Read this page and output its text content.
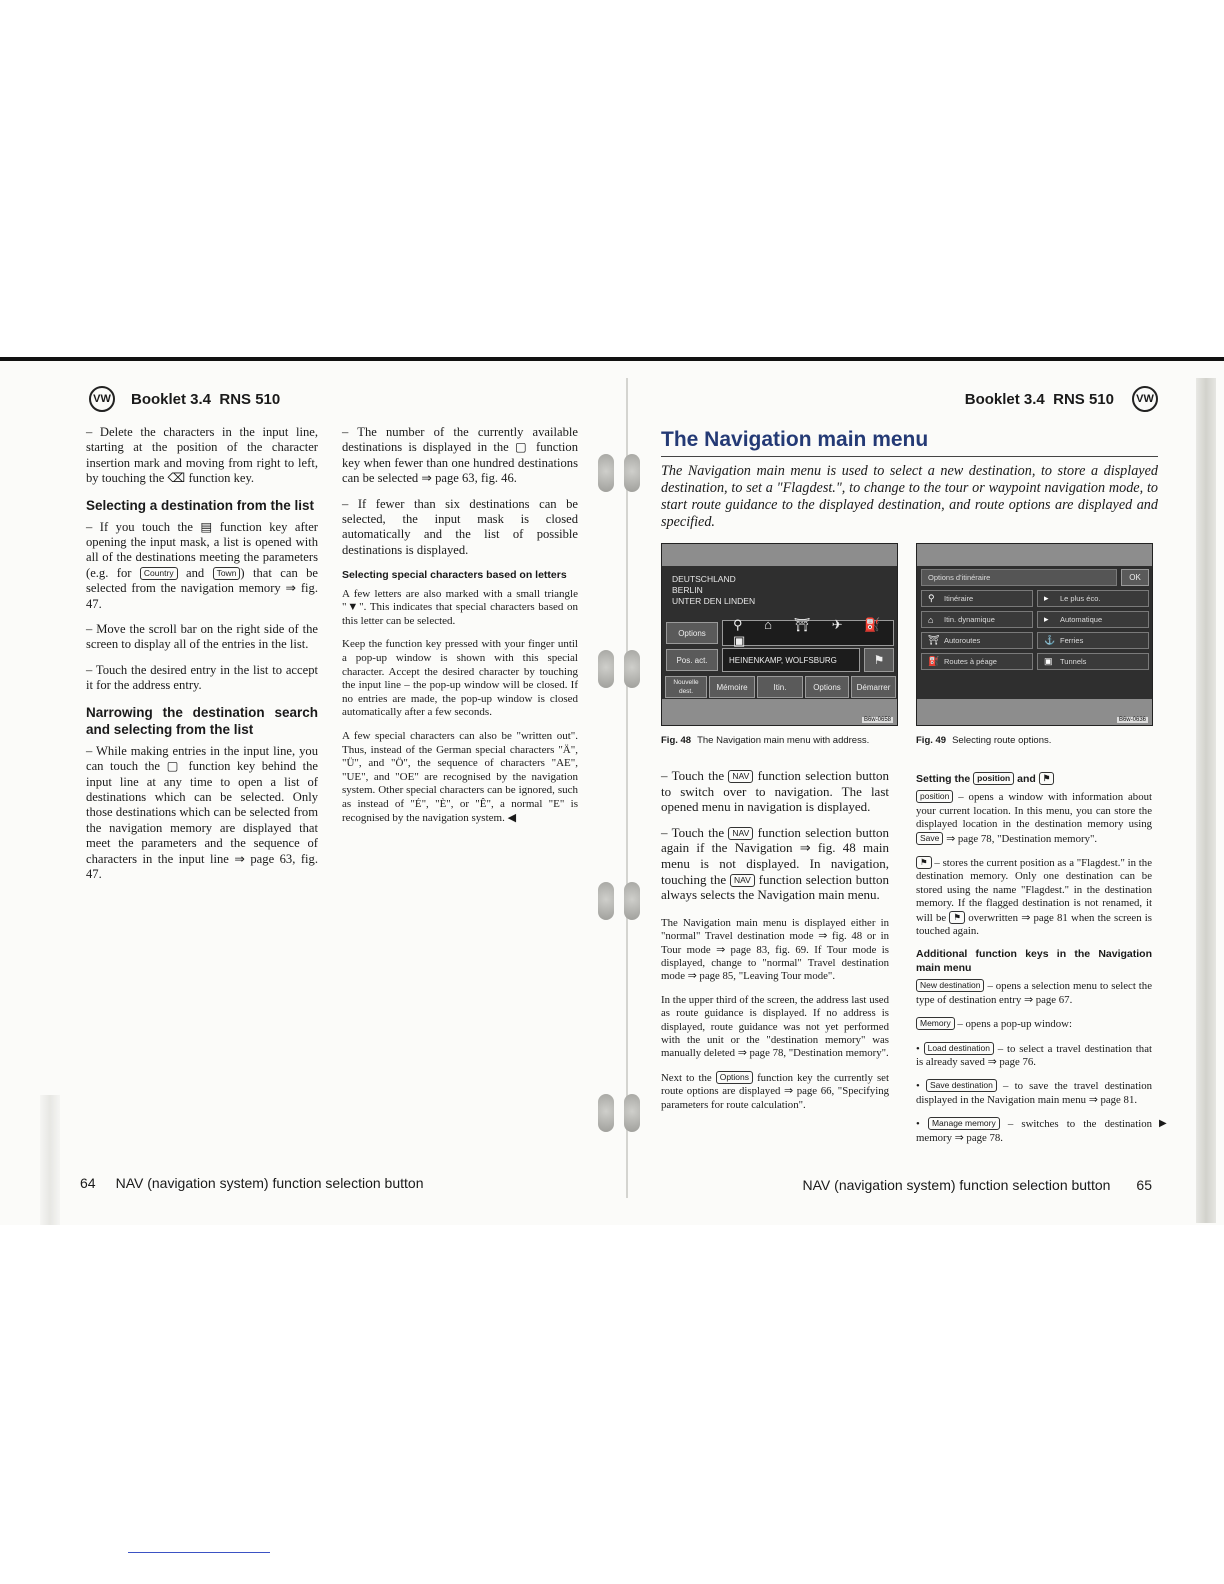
VW Booklet 3.4 RNS 510	Booklet 3.4 RNS 510	VW

– Delete the characters in the input line, starting at the position of the character insertion mark and moving from right to left, by touching the ⌫ function key.

Selecting a destination from the list

– If you touch the ▤ function key after opening the input mask, a list is opened with all of the destinations meeting the parameters (e.g. for Country and Town ) that can be selected from the navigation memory ⇒ fig. 47.

– Move the scroll bar on the right side of the screen to display all of the entries in the list.

– Touch the desired entry in the list to accept it for the address entry.

Narrowing the destination search and selecting from the list

– While making entries in the input line, you can touch the ▢ function key behind the input line at any time to open a list of destinations which can be selected. Only those destinations which can be selected from the navigation memory are displayed that meet the parameters and the sequence of characters in the input line ⇒ page 63, fig. 47.

– The number of the currently available destinations is displayed in the ▢ function key when fewer than one hundred destinations can be selected ⇒ page 63, fig. 46.

– If fewer than six destinations can be selected, the input mask is closed automatically and the list of possible destinations is displayed.

Selecting special characters based on letters

A few letters are also marked with a small triangle "▼". This indicates that special characters based on this letter can be selected.

Keep the function key pressed with your finger until a pop-up window is shown with this special character. Accept the desired character by touching the input line – the pop-up window will be closed. If no entries are made, the pop-up window is closed automatically after a few seconds.

A few special characters can also be "written out". Thus, instead of the German special characters "Ä", "Ü", and "Ö", the sequence of characters "AE", "UE", and "OE" are recognised by the navigation system. Other special characters can be ignored, such as instead of "É", "È", or "Ê", a normal "E" is recognised by the navigation system. ◀

The Navigation main menu
The Navigation main menu is used to select a new destination, to store a displayed destination, to set a "Flagdest.", to change to the tour or waypoint navigation mode, to start route guidance to the displayed destination, and route options are displayed and specified.
DEUTSCHLAND
BERLIN
UNTER DEN LINDEN
Options
⚲ ⌂ ⛩ ✈ ⛽ ▣
Pos. act.	HEINENKAMP, WOLFSBURG	⚑
Nouvelle dest.	Mémoire	Itin.	Options	Démarrer
B6w-0658
Fig. 48 The Navigation main menu with address.
Options d'itinéraire	OK
⚲	Itinéraire	▸	Le plus éco.
⌂	Itin. dynamique	▸	Automatique
⛩ Autoroutes	⚓ Ferries
⛽ Routes à péage	▣ Tunnels
B6w-0636
Fig. 49 Selecting route options.

– Touch the NAV function selection button to switch over to navigation. The last opened menu in navigation is displayed.

– Touch the NAV function selection button again if the Navigation ⇒ fig. 48 main menu is not displayed. In navigation, touching the NAV function selection button always selects the Navigation main menu.

The Navigation main menu is displayed either in "normal" Travel destination mode ⇒ fig. 48 or in Tour mode ⇒ page 83, fig. 69. If Tour mode is displayed, change to "normal" Travel destination mode ⇒ page 85, "Leaving Tour mode".

In the upper third of the screen, the address last used as route guidance is displayed. If no address is displayed, route guidance was not yet performed with the unit or the "destination memory" was manually deleted ⇒ page 78, "Destination memory".

Next to the Options function key the currently set route options are displayed ⇒ page 66, "Specifying parameters for route calculation".

Setting the position and ⚑

position – opens a window with information about your current location. In this menu, you can store the displayed location in the destination memory using Save ⇒ page 78, "Destination memory".

⚑ – stores the current position as a "Flagdest." in the destination memory. Only one destination can be stored using the name "Flagdest." in the destination memory. If the flagged destination is not renamed, it will be ⚑ overwritten ⇒ page 81 when the screen is touched again.

Additional function keys in the Navigation main menu

New destination – opens a selection menu to select the type of destination entry ⇒ page 67.

Memory – opens a pop-up window:

• Load destination – to select a travel destination that is already saved ⇒ page 76.

• Save destination – to save the travel destination displayed in the Navigation main menu ⇒ page 81.

• Manage memory – switches to the destination memory ⇒ page 78.

▶
64 NAV (navigation system) function selection button	NAV (navigation system) function selection button 65
